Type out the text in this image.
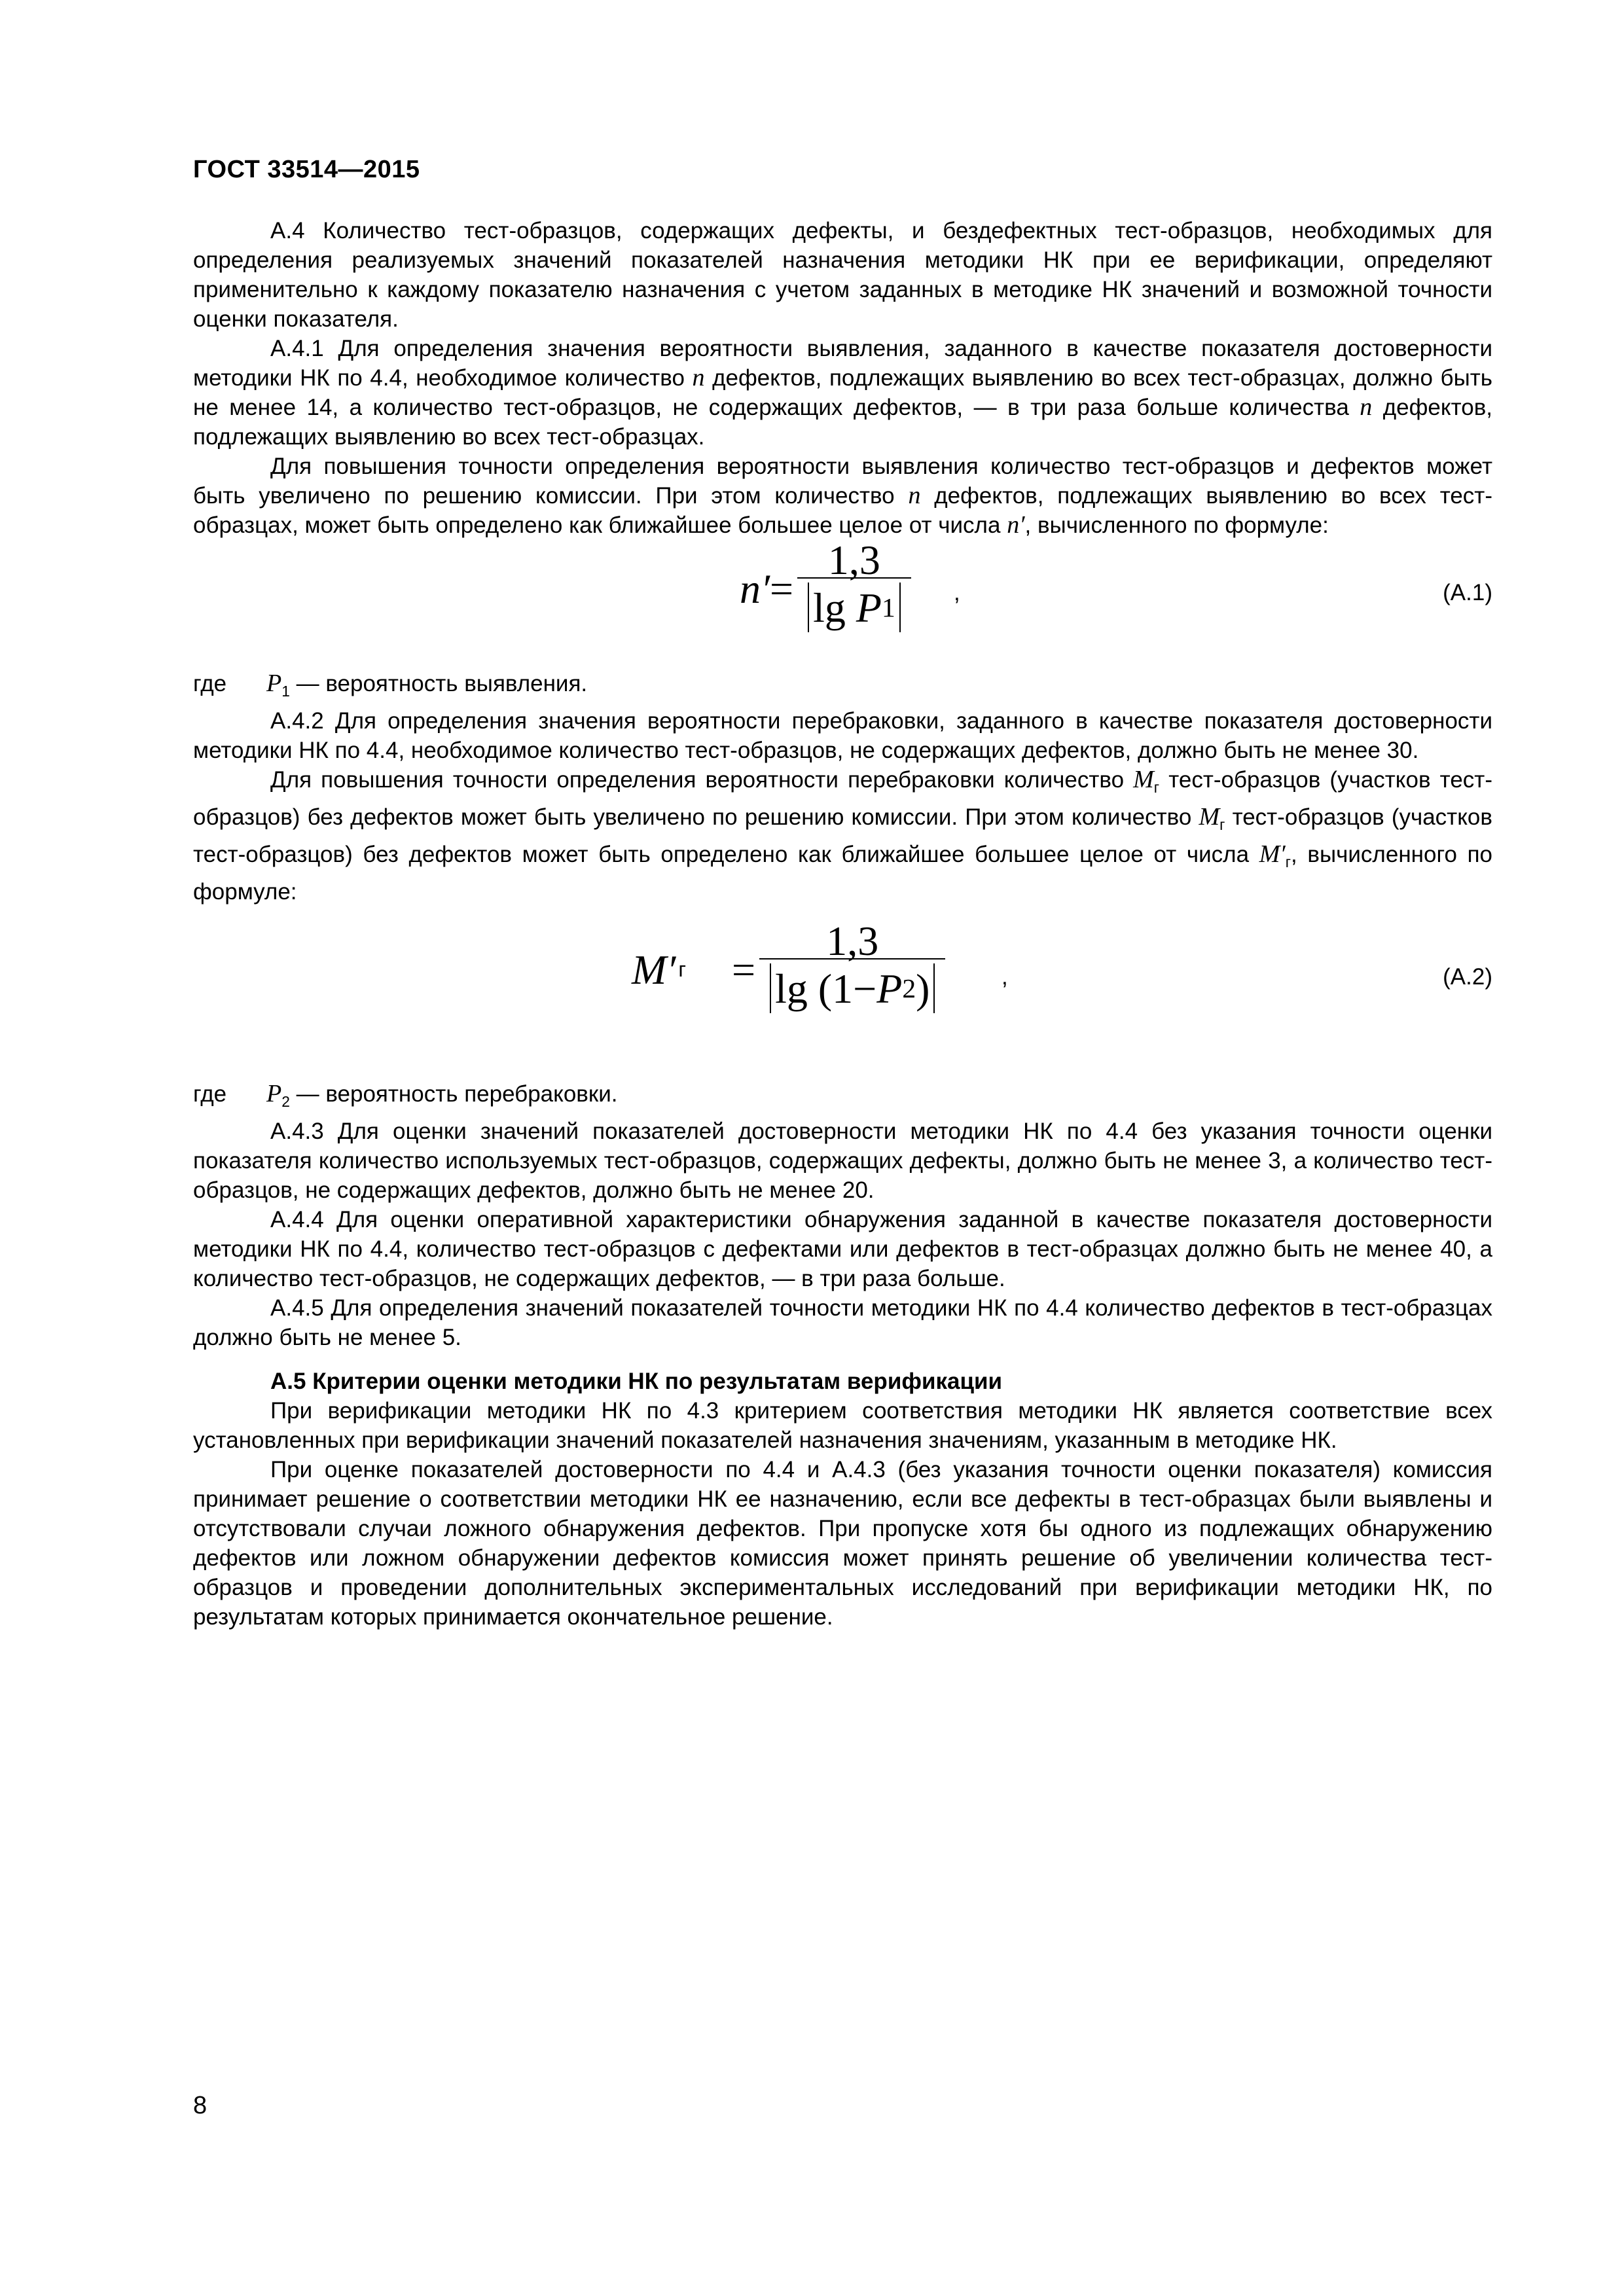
ГОСТ 33514—2015

А.4 Количество тест-образцов, содержащих дефекты, и бездефектных тест-образцов, необходимых для определения реализуемых значений показателей назначения методики НК при ее верификации, определяют применительно к каждому показателю назначения с учетом заданных в методике НК значений и возможной точности оценки показателя.

А.4.1 Для определения значения вероятности выявления, заданного в качестве показателя достоверности методики НК по 4.4, необходимое количество n дефектов, подлежащих выявлению во всех тест-образцах, должно быть не менее 14, а количество тест-образцов, не содержащих дефектов, — в три раза больше количества n дефектов, подлежащих выявлению во всех тест-образцах.

Для повышения точности определения вероятности выявления количество тест-образцов и дефектов может быть увеличено по решению комиссии. При этом количество n дефектов, подлежащих выявлению во всех тест-образцах, может быть определено как ближайшее большее целое от числа n′, вычисленного по формуле:

n′ = 1,3
lg
P 1 ,	(А.1)

где $P_1$ — вероятность выявления.

А.4.2 Для определения значения вероятности перебраковки, заданного в качестве показателя достоверности методики НК по 4.4, необходимое количество тест-образцов, не содержащих дефектов, должно быть не менее 30.

Для повышения точности определения вероятности перебраковки количество $M_г$ тест-образцов (участков тест-образцов) без дефектов может быть увеличено по решению комиссии. При этом количество $M_г$ тест-образцов (участков тест-образцов) без дефектов может быть определено как ближайшее большее целое от числа $M'_г$, вычисленного по формуле:

M′ г = 1,3
lg
(1− P 2 ) ,	(А.2)

где $P_2$ — вероятность перебраковки.

А.4.3 Для оценки значений показателей достоверности методики НК по 4.4 без указания точности оценки показателя количество используемых тест-образцов, содержащих дефекты, должно быть не менее 3, а количество тест-образцов, не содержащих дефектов, должно быть не менее 20.

А.4.4 Для оценки оперативной характеристики обнаружения заданной в качестве показателя достоверности методики НК по 4.4, количество тест-образцов с дефектами или дефектов в тест-образцах должно быть не менее 40, а количество тест-образцов, не содержащих дефектов, — в три раза больше.

А.4.5 Для определения значений показателей точности методики НК по 4.4 количество дефектов в тест-образцах должно быть не менее 5.

А.5 Критерии оценки методики НК по результатам верификации

При верификации методики НК по 4.3 критерием соответствия методики НК является соответствие всех установленных при верификации значений показателей назначения значениям, указанным в методике НК.

При оценке показателей достоверности по 4.4 и А.4.3 (без указания точности оценки показателя) комиссия принимает решение о соответствии методики НК ее назначению, если все дефекты в тест-образцах были выявлены и отсутствовали случаи ложного обнаружения дефектов. При пропуске хотя бы одного из подлежащих обнаружению дефектов или ложном обнаружении дефектов комиссия может принять решение об увеличении количества тест-образцов и проведении дополнительных экспериментальных исследований при верификации методики НК, по результатам которых принимается окончательное решение.

8
